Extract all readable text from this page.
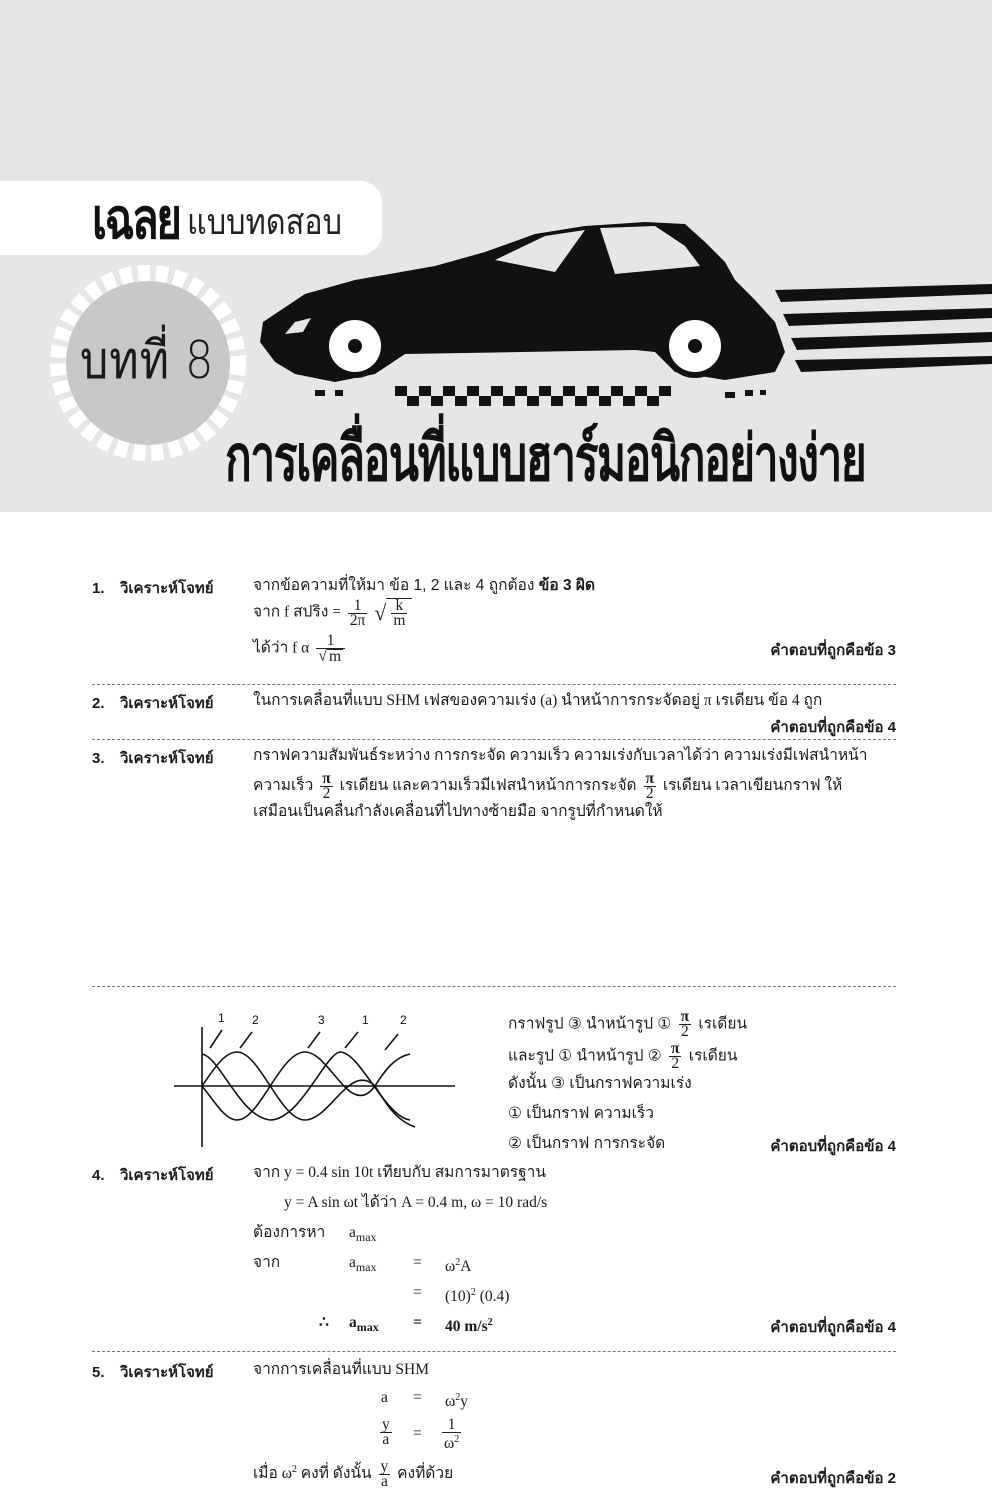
เฉลย แบบทดสอบ
บทที่ 8
การเคลื่อนที่แบบฮาร์มอนิกอย่างง่าย
1. วิเคราะห์โจทย์	จากข้อความที่ให้มา ข้อ 1, 2 และ 4 ถูกต้อง ข้อ 3 ผิด
จาก f สปริง = $\frac{1}{2\pi}$ √ $\frac{k}{m}$
ได้ว่า f α $\frac{1}{√ m}$	คำตอบที่ถูกคือข้อ 3
2. วิเคราะห์โจทย์	ในการเคลื่อนที่แบบ SHM เฟสของความเร่ง (a) นำหน้าการกระจัดอยู่ π เรเดียน ข้อ 4 ถูก
คำตอบที่ถูกคือข้อ 4
3. วิเคราะห์โจทย์	กราฟความสัมพันธ์ระหว่าง การกระจัด ความเร็ว ความเร่งกับเวลาได้ว่า ความเร่งมีเฟสนำหน้า
ความเร็ว $\frac{\pi}{2}$ เรเดียน และความเร็วมีเฟสนำหน้าการกระจัด $\frac{\pi}{2}$ เรเดียน เวลาเขียนกราฟ ให้
เสมือนเป็นคลื่นกำลังเคลื่อนที่ไปทางซ้ายมือ จากรูปที่กำหนดให้
1 2	3	1	2	กราฟรูป ③ นำหน้ารูป ① $\frac{\pi}{2}$ เรเดียน
และรูป ① นำหน้ารูป ② $\frac{\pi}{2}$ เรเดียน
ดังนั้น ③ เป็นกราฟความเร่ง
① เป็นกราฟ ความเร็ว
② เป็นกราฟ การกระจัด	คำตอบที่ถูกคือข้อ 4
4. วิเคราะห์โจทย์	จาก y = 0.4 sin 10t เทียบกับ สมการมาตรฐาน
y = A sin ωt ได้ว่า A = 0.4 m, ω = 10 rad/s
ต้องการหา $a_{max}$
จาก	$a_{max} = \omega^2A$
= $(10)^2$ (0.4)
∴ $a_{max} = 40$ $m/s^2$	คำตอบที่ถูกคือข้อ 4
5. วิเคราะห์โจทย์	จากการเคลื่อนที่แบบ SHM
$a = \omega^2y$
$\frac{y}{a} = \frac{1}{\omega^2}$
เมื่อ $\omega^2$ คงที่ ดังนั้น $\frac{y}{a}$ คงที่ด้วย	คำตอบที่ถูกคือข้อ 2
